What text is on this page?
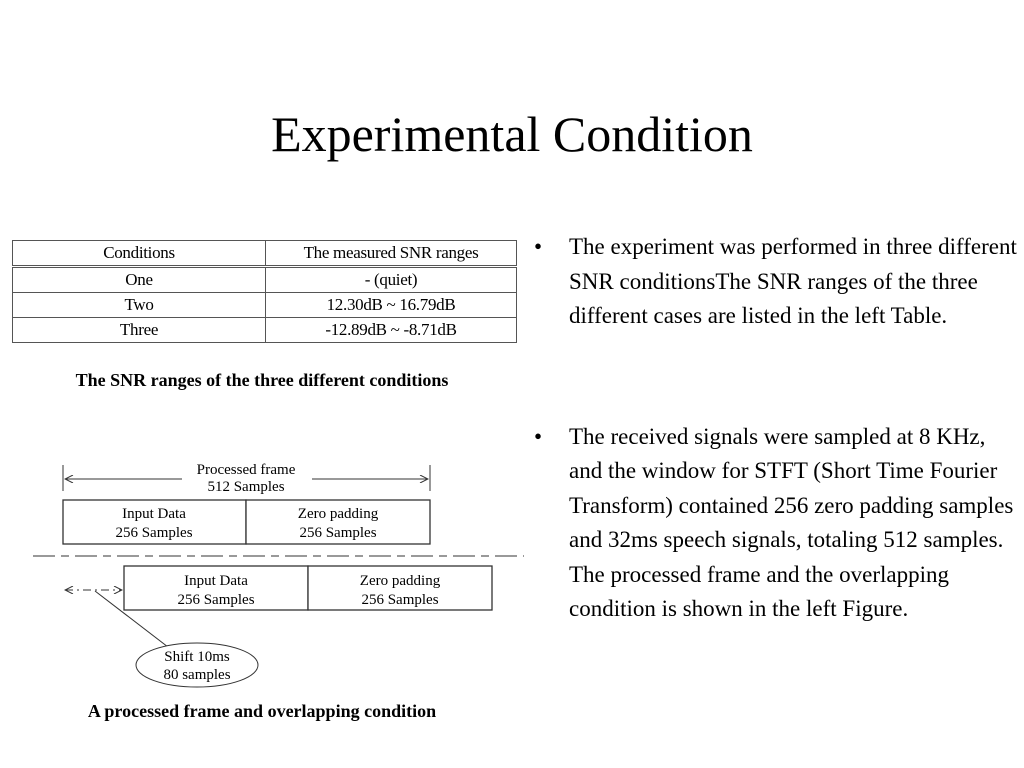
Experimental Condition
Conditions	The measured SNR ranges
One	- (quiet)
Two	12.30dB ~ 16.79dB
Three	-12.89dB ~ -8.71dB
The SNR ranges of the three different conditions
Processed frame
512 Samples
Input Data
256 Samples
Zero padding
256 Samples
Input Data
256 Samples
Zero padding
256 Samples
Shift 10ms
80 samples
A processed frame and overlapping condition
• The experiment was performed in three different SNR conditionsThe SNR ranges of the three different cases are listed in the left Table.
• The received signals were sampled at 8 KHz, and the window for STFT (Short Time Fourier Transform) contained 256 zero padding samples and 32ms speech signals, totaling 512 samples. The processed frame and the overlapping condition is shown in the left Figure.
